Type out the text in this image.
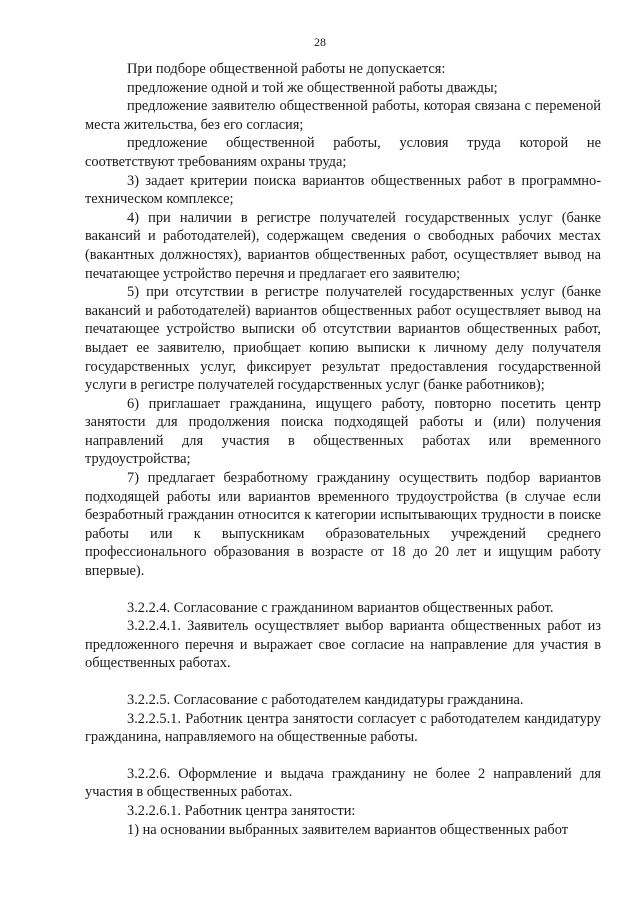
28

При подборе общественной работы не допускается:

предложение одной и той же общественной работы дважды;

предложение заявителю общественной работы, которая связана с переменой места жительства, без его согласия;

предложение общественной работы, условия труда которой не соответствуют требованиям охраны труда;

3) задает критерии поиска вариантов общественных работ в программно-техническом комплексе;

4) при наличии в регистре получателей государственных услуг (банке вакансий и работодателей), содержащем сведения о свободных рабочих местах (вакантных должностях), вариантов общественных работ, осуществляет вывод на печатающее устройство перечня и предлагает его заявителю;

5) при отсутствии в регистре получателей государственных услуг (банке вакансий и работодателей) вариантов общественных работ осуществляет вывод на печатающее устройство выписки об отсутствии вариантов общественных работ, выдает ее заявителю, приобщает копию выписки к личному делу получателя государственных услуг, фиксирует результат предоставления государственной услуги в регистре получателей государственных услуг (банке работников);

6) приглашает гражданина, ищущего работу, повторно посетить центр занятости для продолжения поиска подходящей работы и (или) получения направлений для участия в общественных работах или временного трудоустройства;

7) предлагает безработному гражданину осуществить подбор вариантов подходящей работы или вариантов временного трудоустройства (в случае если безработный гражданин относится к категории испытывающих трудности в поиске работы или к выпускникам образовательных учреждений среднего профессионального образования в возрасте от 18 до 20 лет и ищущим работу впервые).

3.2.2.4. Согласование с гражданином вариантов общественных работ.

3.2.2.4.1. Заявитель осуществляет выбор варианта общественных работ из предложенного перечня и выражает свое согласие на направление для участия в общественных работах.

3.2.2.5. Согласование с работодателем кандидатуры гражданина.

3.2.2.5.1. Работник центра занятости согласует с работодателем кандидатуру гражданина, направляемого на общественные работы.

3.2.2.6. Оформление и выдача гражданину не более 2 направлений для участия в общественных работах.

3.2.2.6.1. Работник центра занятости:

1) на основании выбранных заявителем вариантов общественных работ
